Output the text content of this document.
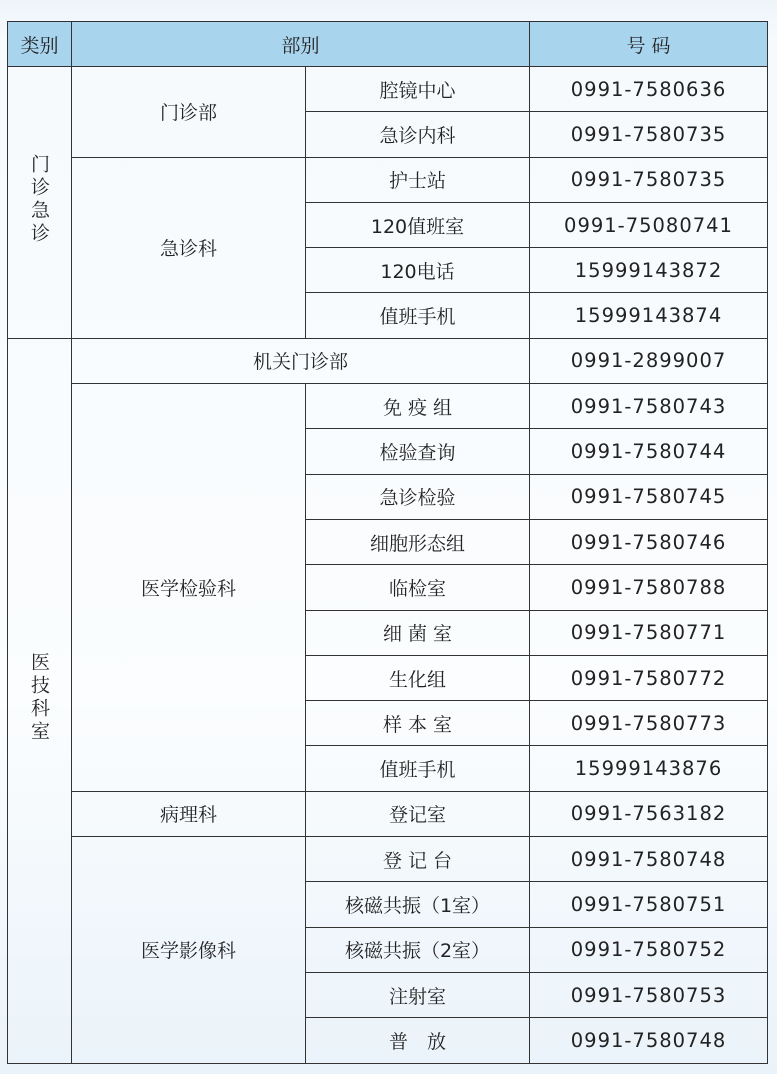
类别	部别		号 码
门诊急诊	门诊部	腔镜中心	0991-7580636
		急诊内科	0991-7580735
	急诊科	护士站	0991-7580735
		120值班室	0991-75080741
		120电话	15999143872
		值班手机	15999143874
医技科室	机关门诊部		0991-2899007
	医学检验科	免 疫 组	0991-7580743
		检验查询	0991-7580744
		急诊检验	0991-7580745
		细胞形态组	0991-7580746
		临检室	0991-7580788
		细 菌 室	0991-7580771
		生化组	0991-7580772
		样 本 室	0991-7580773
		值班手机	15999143876
	病理科	登记室	0991-7563182
	医学影像科	登 记 台	0991-7580748
		核磁共振（1室）	0991-7580751
		核磁共振（2室）	0991-7580752
		注射室	0991-7580753
		普　放	0991-7580748
